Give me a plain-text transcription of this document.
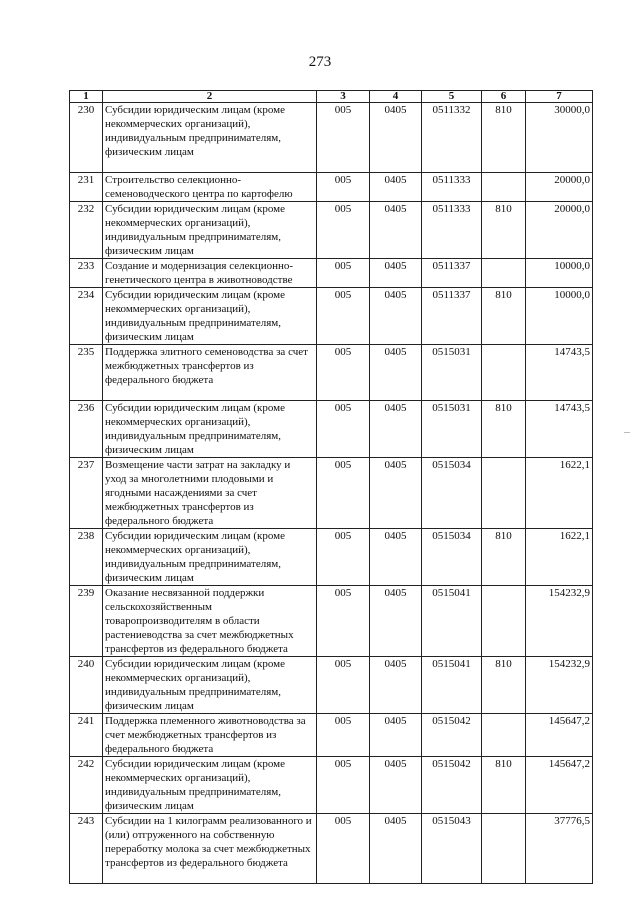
273
1	2	3	4	5	6	7
230	Субсидии юридическим лицам (кроме некоммерческих организаций), индивидуальным предпринимателям, физическим лицам	005	0405	0511332	810	30000,0
231	Строительство селекционно-семеноводческого центра по картофелю	005	0405	0511333		20000,0
232	Субсидии юридическим лицам (кроме некоммерческих организаций), индивидуальным предпринимателям, физическим лицам	005	0405	0511333	810	20000,0
233	Создание и модернизация селекционно-генетического центра в животноводстве	005	0405	0511337		10000,0
234	Субсидии юридическим лицам (кроме некоммерческих организаций), индивидуальным предпринимателям, физическим лицам	005	0405	0511337	810	10000,0
235	Поддержка элитного семеноводства за счет межбюджетных трансфертов из федерального бюджета	005	0405	0515031		14743,5
236	Субсидии юридическим лицам (кроме некоммерческих организаций), индивидуальным предпринимателям, физическим лицам	005	0405	0515031	810	14743,5
237	Возмещение части затрат на закладку и уход за многолетними плодовыми и ягодными насаждениями за счет межбюджетных трансфертов из федерального бюджета	005	0405	0515034		1622,1
238	Субсидии юридическим лицам (кроме некоммерческих организаций), индивидуальным предпринимателям, физическим лицам	005	0405	0515034	810	1622,1
239	Оказание несвязанной поддержки сельскохозяйственным товаропроизводителям в области растениеводства за счет межбюджетных трансфертов из федерального бюджета	005	0405	0515041		154232,9
240	Субсидии юридическим лицам (кроме некоммерческих организаций), индивидуальным предпринимателям, физическим лицам	005	0405	0515041	810	154232,9
241	Поддержка племенного животноводства за счет межбюджетных трансфертов из федерального бюджета	005	0405	0515042		145647,2
242	Субсидии юридическим лицам (кроме некоммерческих организаций), индивидуальным предпринимателям, физическим лицам	005	0405	0515042	810	145647,2
243	Субсидии на 1 килограмм реализованного и (или) отгруженного на собственную переработку молока за счет межбюджетных трансфертов из федерального бюджета	005	0405	0515043		37776,5
